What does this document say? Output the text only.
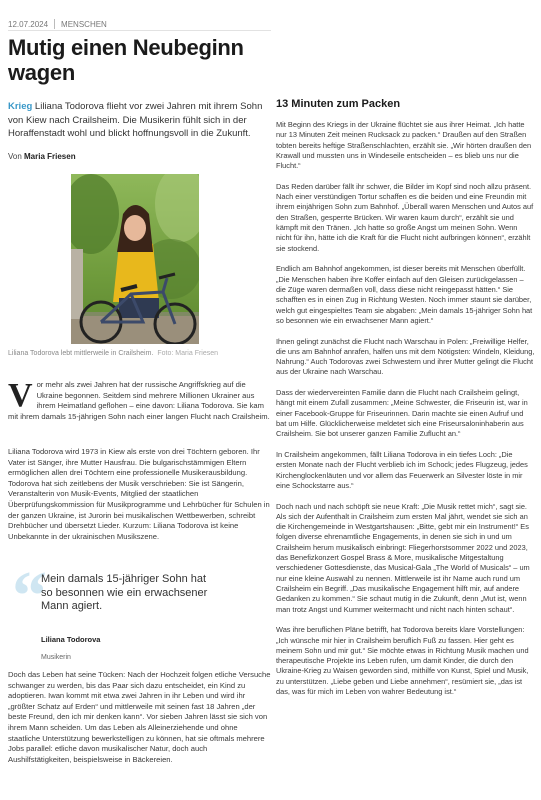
12.07.2024 MENSCHEN
Mutig einen Neubeginn wagen

Krieg Liliana Todorova flieht vor zwei Jahren mit ihrem Sohn von Kiew nach Crailsheim. Die Musikerin fühlt sich in der Horaffenstadt wohl und blickt hoffnungsvoll in die Zukunft.

Von Maria Friesen
Liliana Todorova lebt mittlerweile in Crailsheim. Foto: Maria Friesen

Vor mehr als zwei Jahren hat der russische Angriffskrieg auf die Ukraine begonnen. Seitdem sind mehrere Millionen Ukrainer aus ihrem Heimatland geflohen – eine davon: Liliana Todorova. Sie kam mit ihrem damals 15-jährigen Sohn nach einer langen Flucht nach Crailsheim.

Liliana Todorova wird 1973 in Kiew als erste von drei Töchtern geboren. Ihr Vater ist Sänger, ihre Mutter Hausfrau. Die bulgarischstämmigen Eltern ermöglichen allen drei Töchtern eine professionelle Musikerausbildung. Todorova hat sich zeitlebens der Musik verschrieben: Sie ist Sängerin, Veranstalterin von Musik-Events, Mitglied der staatlichen Überprüfungskommission für Musikprogramme und Lehrbücher für Schulen in der ganzen Ukraine, ist Jurorin bei musikalischen Wettbewerben, schreibt Drehbücher und übersetzt Lieder. Kurzum: Liliana Todorova ist keine Unbekannte in der ukrainischen Musikszene.

“
Mein damals 15-jähriger Sohn hat so besonnen wie ein erwachsener Mann agiert.
Liliana Todorova
Musikerin

Doch das Leben hat seine Tücken: Nach der Hochzeit folgen etliche Versuche schwanger zu werden, bis das Paar sich dazu entscheidet, ein Kind zu adoptieren. Iwan kommt mit etwa zwei Jahren in ihr Leben und wird ihr „größter Schatz auf Erden“ und mittlerweile mit seinen fast 18 Jahren „der beste Freund, den ich mir denken kann“. Vor sieben Jahren lässt sie sich von ihrem Mann scheiden. Um das Leben als Alleinerziehende und ohne staatliche Unterstützung bewerkstelligen zu können, hat sie oftmals mehrere Jobs parallel: etliche davon musikalischer Natur, doch auch Aushilfstätigkeiten, beispielsweise in Bäckereien.

13 Minuten zum Packen

Mit Beginn des Kriegs in der Ukraine flüchtet sie aus ihrer Heimat. „Ich hatte nur 13 Minuten Zeit meinen Rucksack zu packen.“ Draußen auf den Straßen tobten bereits heftige Straßenschlachten, erzählt sie. „Wir hörten draußen den Krawall und mussten uns in Windeseile entscheiden – es blieb uns nur die Flucht.“

Das Reden darüber fällt ihr schwer, die Bilder im Kopf sind noch allzu präsent. Nach einer verstündigen Tortur schaffen es die beiden und eine Freundin mit ihrem einjährigen Sohn zum Bahnhof. „Überall waren Menschen und Autos auf den Straßen, gesperrte Brücken. Wir waren kaum durch“, erzählt sie und kämpft mit den Tränen. „Ich hatte so große Angst um meinen Sohn. Wenn nicht für ihn, hätte ich die Kraft für die Flucht nicht aufbringen können“, erzählt sie stockend.

Endlich am Bahnhof angekommen, ist dieser bereits mit Menschen überfüllt. „Die Menschen haben ihre Koffer einfach auf den Gleisen zurückgelassen – die Züge waren dermaßen voll, dass diese nicht reingepasst hätten.“ Sie schafften es in einen Zug in Richtung Westen. Noch immer staunt sie darüber, welch gut eingespieltes Team sie abgaben: „Mein damals 15-jähriger Sohn hat so besonnen wie ein erwachsener Mann agiert.“

Ihnen gelingt zunächst die Flucht nach Warschau in Polen: „Freiwillige Helfer, die uns am Bahnhof anrafen, halfen uns mit dem Nötigsten: Windeln, Kleidung, Nahrung.“ Auch Todorovas zwei Schwestern und ihrer Mutter gelingt die Flucht aus der Ukraine nach Warschau.

Dass der wiedervereinten Familie dann die Flucht nach Crailsheim gelingt, hängt mit einem Zufall zusammen: „Meine Schwester, die Friseurin ist, war in einer Facebook-Gruppe für Friseurinnen. Darin machte sie einen Aufruf und bat um Hilfe. Glücklicherweise meldetet sich eine Friseursaloninhaberin aus Crailsheim. Sie bot unserer ganzen Familie Zuflucht an.“

In Crailsheim angekommen, fällt Liliana Todorova in ein tiefes Loch: „Die ersten Monate nach der Flucht verblieb ich im Schock; jedes Flugzeug, jedes Kirchenglockenläuten und vor allem das Feuerwerk an Silvester löste in mir eine Schockstarre aus.“

Doch nach und nach schöpft sie neue Kraft: „Die Musik rettet mich“, sagt sie. Als sich der Aufenthalt in Crailsheim zum ersten Mal jährt, wendet sie sich an die Kirchengemeinde in Westgartshausen: „Bitte, gebt mir ein Instrument!“ Es folgen diverse ehrenamtliche Engagements, in denen sie sich in und um Crailsheim herum musikalisch einbringt: Fliegerhorstsommer 2022 und 2023, das Benefizkonzert Gospel Brass & More, musikalische Mitgestaltung verschiedener Gottesdienste, das Musical-Gala „The World of Musicals“ – um nur eine kleine Auswahl zu nennen. Mittlerweile ist ihr Name auch rund um Crailsheim ein Begriff. „Das musikalische Engagement hilft mir, auf andere Gedanken zu kommen.“ Sie schaut mutig in die Zukunft, denn „Mut ist, wenn man trotz Angst und Kummer weitermacht und nicht nach hinten schaut“.

Was ihre beruflichen Pläne betrifft, hat Todorova bereits klare Vorstellungen: „Ich wünsche mir hier in Crailsheim beruflich Fuß zu fassen. Hier geht es meinem Sohn und mir gut.“ Sie möchte etwas in Richtung Musik machen und therapeutische Projekte ins Leben rufen, um damit Kinder, die durch den Ukraine-Krieg zu Waisen geworden sind, mithilfe von Kunst, Spiel und Musik, zu unterstützen. „Liebe geben und Liebe annehmen“, resümiert sie, „das ist das, was für mich im Leben von wahrer Bedeutung ist.“
